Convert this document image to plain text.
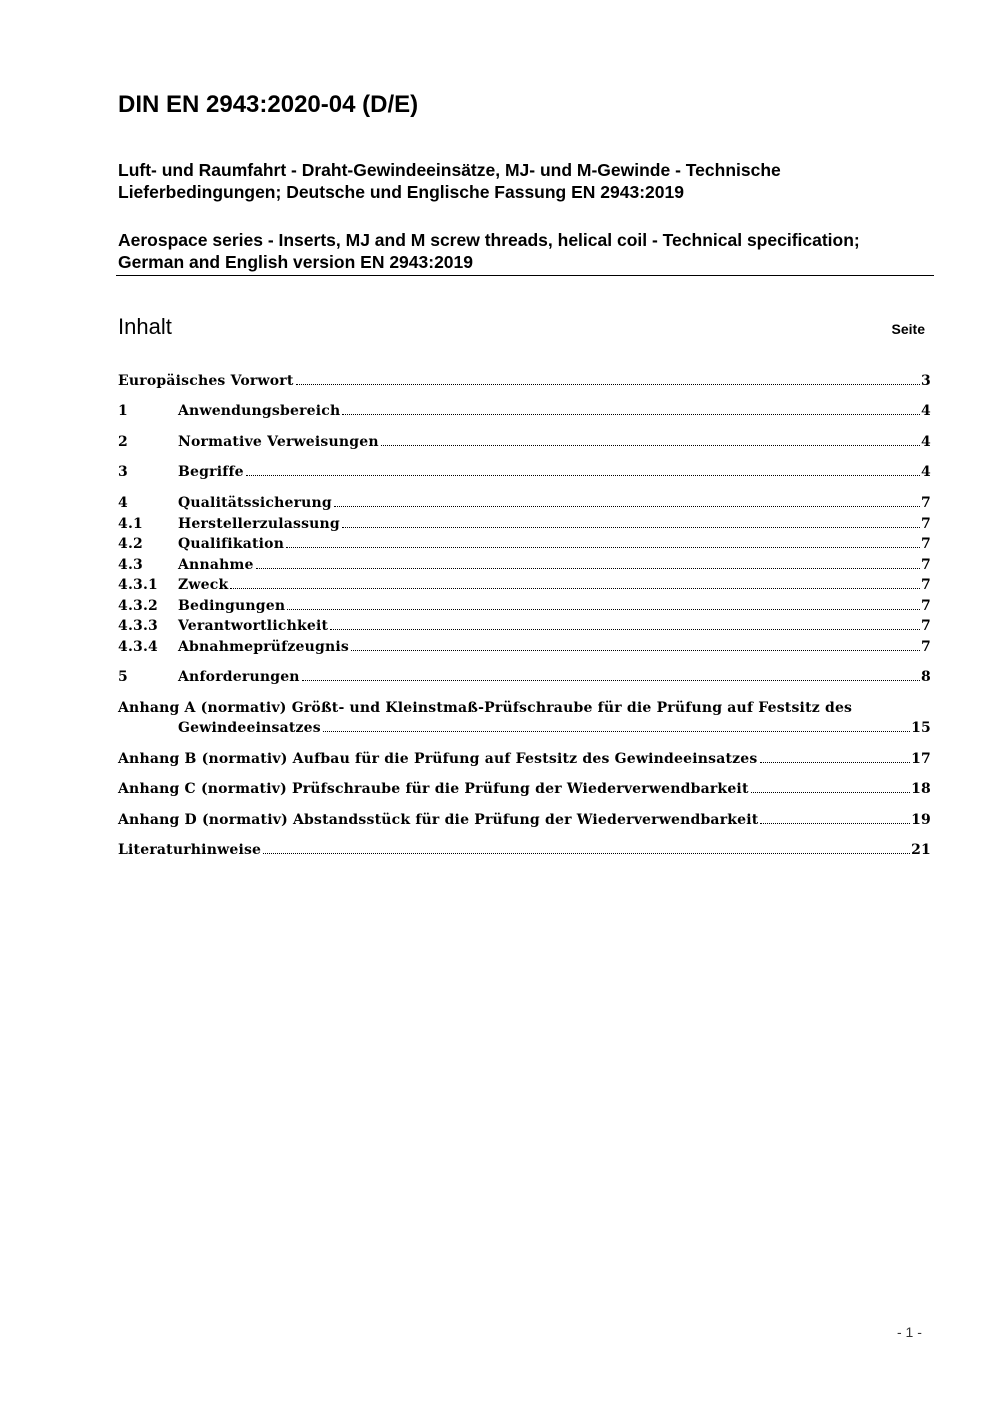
DIN EN 2943:2020-04 (D/E)

Luft- und Raumfahrt - Draht-Gewindeeinsätze, MJ- und M-Gewinde - Technische Lieferbedingungen; Deutsche und Englische Fassung EN 2943:2019

Aerospace series - Inserts, MJ and M screw threads, helical coil - Technical specification; German and English version EN 2943:2019

Inhalt	Seite
Europäisches Vorwort	3
1	Anwendungsbereich	4
2	Normative Verweisungen	4
3	Begriffe	4
4	Qualitätssicherung	7
4.1	Herstellerzulassung	7
4.2	Qualifikation	7
4.3	Annahme	7
4.3.1	Zweck	7
4.3.2	Bedingungen	7
4.3.3	Verantwortlichkeit	7
4.3.4	Abnahmeprüfzeugnis	7
5	Anforderungen	8
Anhang A (normativ) Größt- und Kleinstmaß-Prüfschraube für die Prüfung auf Festsitz des
Gewindeeinsatzes	15
Anhang B (normativ) Aufbau für die Prüfung auf Festsitz des Gewindeeinsatzes	17
Anhang C (normativ) Prüfschraube für die Prüfung der Wiederverwendbarkeit	18
Anhang D (normativ) Abstandsstück für die Prüfung der Wiederverwendbarkeit	19
Literaturhinweise	21
- 1 -
